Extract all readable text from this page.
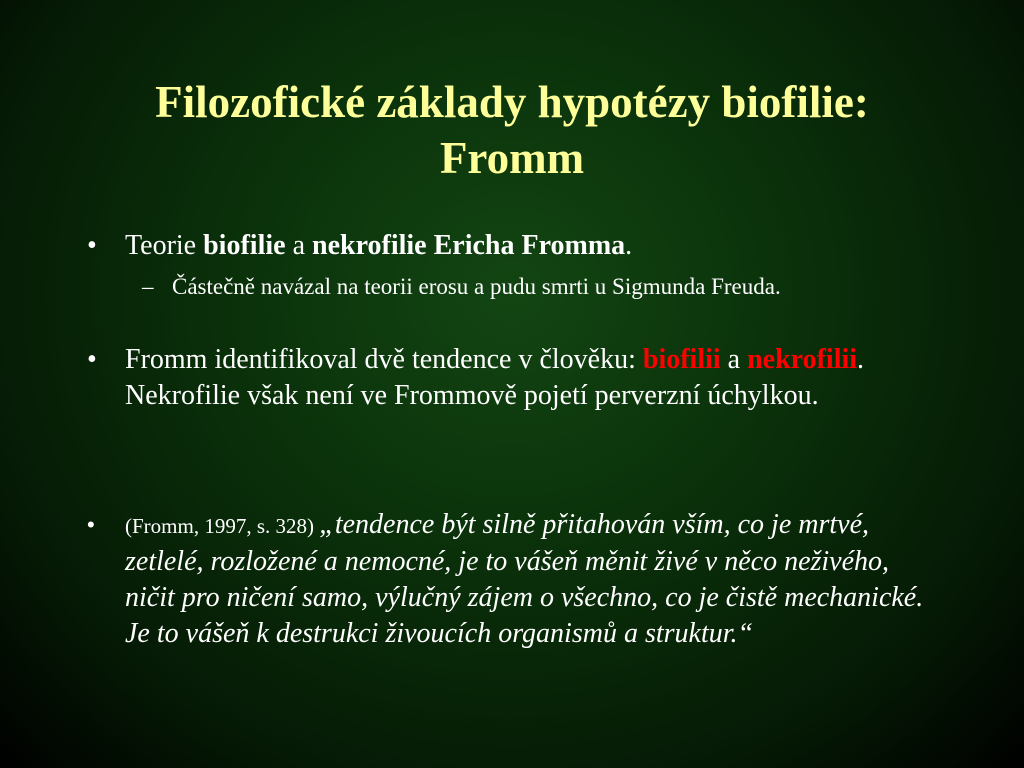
Filozofické základy hypotézy biofilie:
Fromm
• Teorie biofilie a nekrofilie Ericha Fromma.
– Částečně navázal na teorii erosu a pudu smrti u Sigmunda Freuda.
• Fromm identifikoval dvě tendence v člověku: biofilii a nekrofilii. Nekrofilie však není ve Frommově pojetí perverzní úchylkou.
• (Fromm, 1997, s. 328) „tendence být silně přitahován vším, co je mrtvé, zetlelé, rozložené a nemocné, je to vášeň měnit živé v něco neživého, ničit pro ničení samo, výlučný zájem o všechno, co je čistě mechanické. Je to vášeň k destrukci živoucích organismů a struktur.“
